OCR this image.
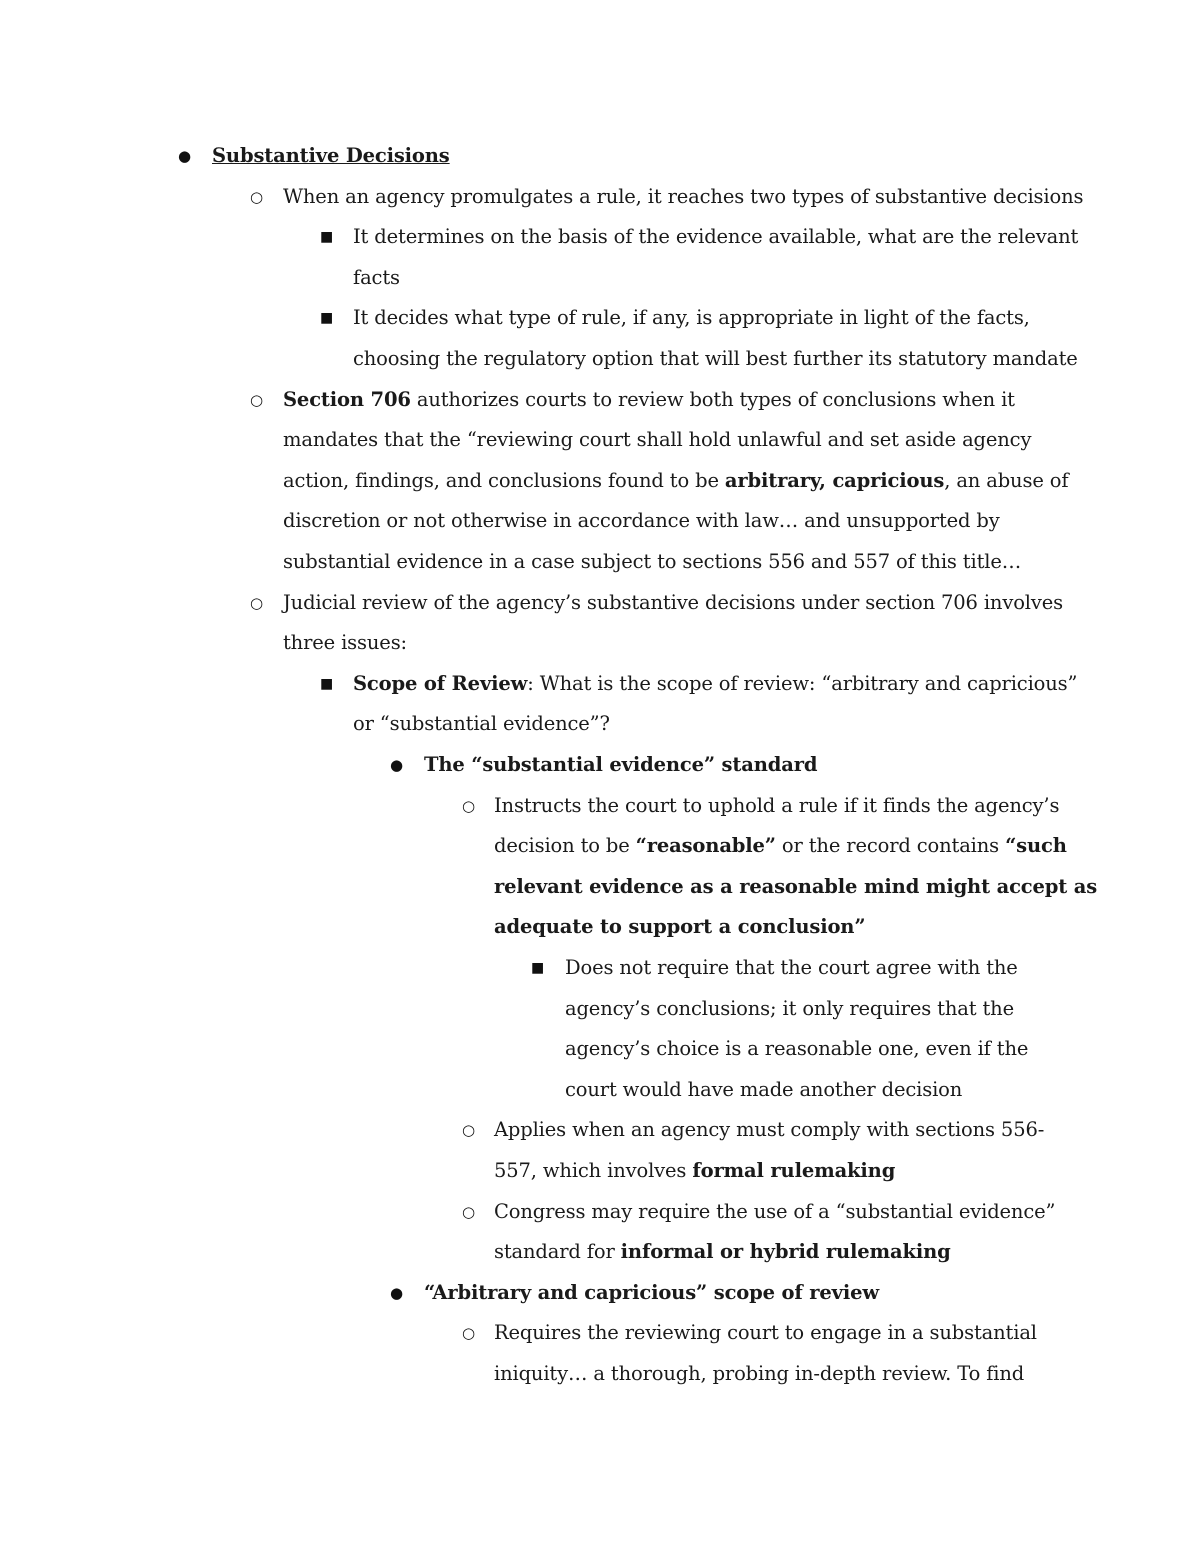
● Substantive Decisions
○ When an agency promulgates a rule, it reaches two types of substantive decisions
■ It determines on the basis of the evidence available, what are the relevant
facts
■ It decides what type of rule, if any, is appropriate in light of the facts,
choosing the regulatory option that will best further its statutory mandate
○ Section 706 authorizes courts to review both types of conclusions when it
mandates that the “reviewing court shall hold unlawful and set aside agency
action, findings, and conclusions found to be arbitrary, capricious, an abuse of
discretion or not otherwise in accordance with law… and unsupported by
substantial evidence in a case subject to sections 556 and 557 of this title…
○ Judicial review of the agency’s substantive decisions under section 706 involves
three issues:
■ Scope of Review: What is the scope of review: “arbitrary and capricious”
or “substantial evidence”?
● The “substantial evidence” standard
○ Instructs the court to uphold a rule if it finds the agency’s
decision to be “reasonable” or the record contains “such
relevant evidence as a reasonable mind might accept as
adequate to support a conclusion”
■ Does not require that the court agree with the
agency’s conclusions; it only requires that the
agency’s choice is a reasonable one, even if the
court would have made another decision
○ Applies when an agency must comply with sections 556-
557, which involves formal rulemaking
○ Congress may require the use of a “substantial evidence”
standard for informal or hybrid rulemaking
● “Arbitrary and capricious” scope of review
○ Requires the reviewing court to engage in a substantial
iniquity… a thorough, probing in-depth review. To find
